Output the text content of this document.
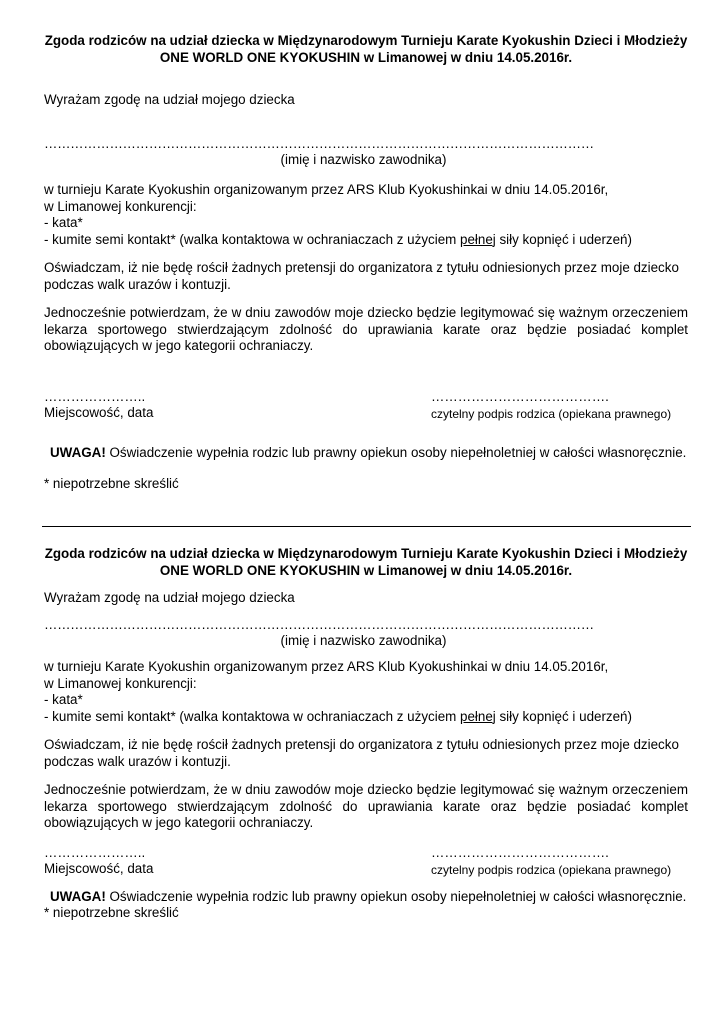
Zgoda rodziców na udział dziecka w Międzynarodowym Turnieju Karate Kyokushin Dzieci i Młodzieży
ONE WORLD ONE KYOKUSHIN w Limanowej w dniu 14.05.2016r.

Wyrażam zgodę na udział mojego dziecka

………………………………………………………………………………………………………………
(imię i nazwisko zawodnika)

w turnieju Karate Kyokushin organizowanym przez ARS Klub Kyokushinkai w dniu 14.05.2016r,

w Limanowej konkurencji:

- kata*

- kumite semi kontakt* (walka kontaktowa w ochraniaczach z użyciem pełnej siły kopnięć i uderzeń)

Oświadczam, iż nie będę rościł żadnych pretensji do organizatora z tytułu odniesionych przez moje dziecko podczas walk urazów i kontuzji.

Jednocześnie potwierdzam, że w dniu zawodów moje dziecko będzie legitymować się ważnym orzeczeniem lekarza sportowego stwierdzającym zdolność do uprawiania karate oraz będzie posiadać komplet obowiązujących w jego kategorii ochraniaczy.

…………………..
Miejscowość, data
………………………………….
czytelny podpis rodzica (opiekana prawnego)

UWAGA! Oświadczenie wypełnia rodzic lub prawny opiekun osoby niepełnoletniej w całości własnoręcznie.

* niepotrzebne skreślić

Zgoda rodziców na udział dziecka w Międzynarodowym Turnieju Karate Kyokushin Dzieci i Młodzieży
ONE WORLD ONE KYOKUSHIN w Limanowej w dniu 14.05.2016r.

Wyrażam zgodę na udział mojego dziecka

………………………………………………………………………………………………………………
(imię i nazwisko zawodnika)

w turnieju Karate Kyokushin organizowanym przez ARS Klub Kyokushinkai w dniu 14.05.2016r,

w Limanowej konkurencji:

- kata*

- kumite semi kontakt* (walka kontaktowa w ochraniaczach z użyciem pełnej siły kopnięć i uderzeń)

Oświadczam, iż nie będę rościł żadnych pretensji do organizatora z tytułu odniesionych przez moje dziecko podczas walk urazów i kontuzji.

Jednocześnie potwierdzam, że w dniu zawodów moje dziecko będzie legitymować się ważnym orzeczeniem lekarza sportowego stwierdzającym zdolność do uprawiania karate oraz będzie posiadać komplet obowiązujących w jego kategorii ochraniaczy.

…………………..
Miejscowość, data
………………………………….
czytelny podpis rodzica (opiekana prawnego)

UWAGA! Oświadczenie wypełnia rodzic lub prawny opiekun osoby niepełnoletniej w całości własnoręcznie.

* niepotrzebne skreślić
